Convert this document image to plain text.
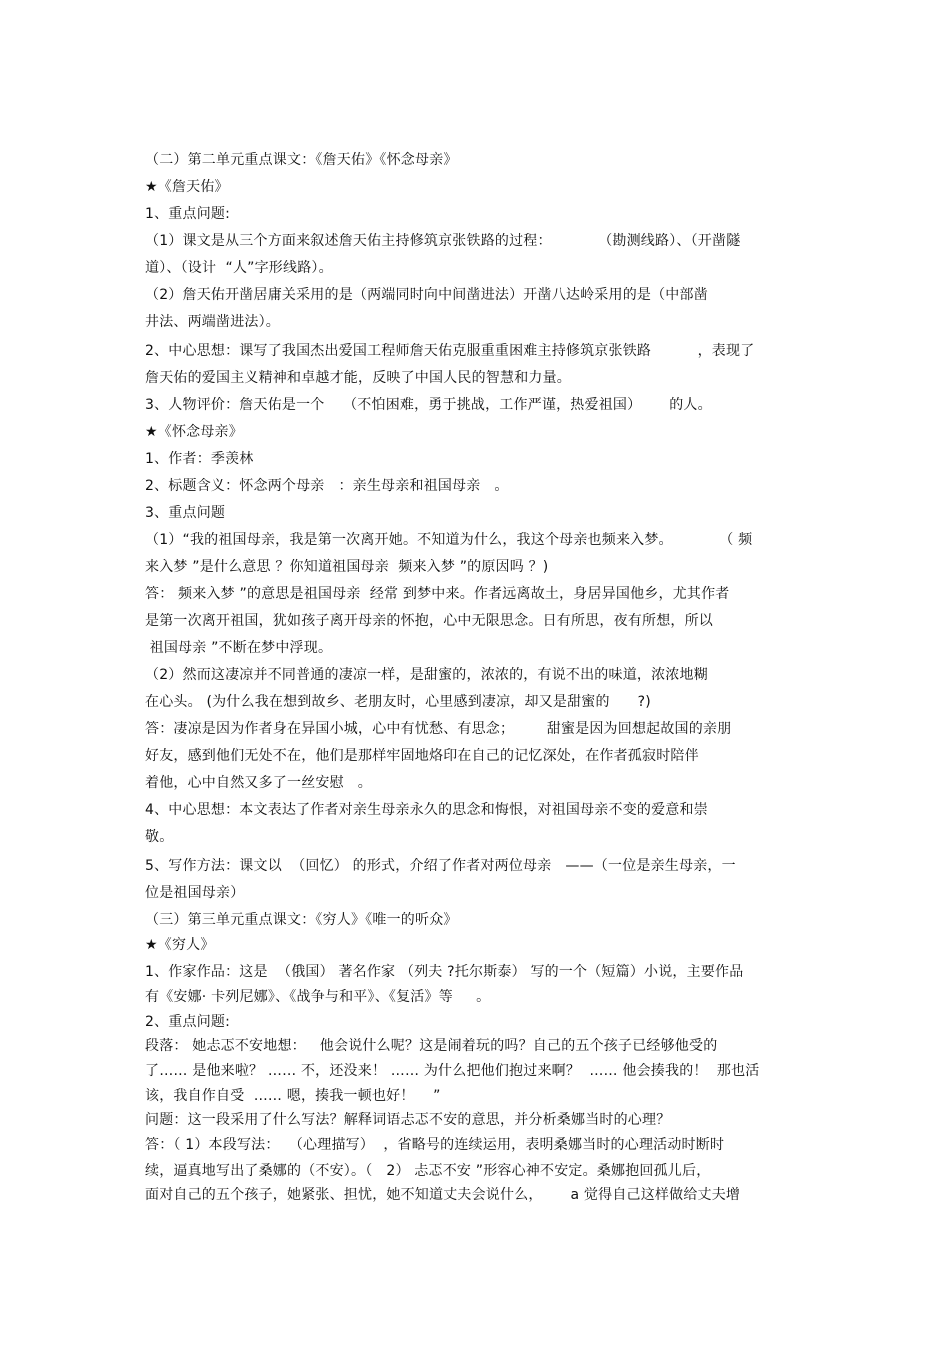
（二）第二单元重点课文：《詹天佑》《怀念母亲》
★《詹天佑》
1、重点问题:
（1）课文是从三个方面来叙述詹天佑主持修筑京张铁路的过程：          （勘测线路）、（开凿隧
道）、（设计  “人”字形线路）。
（2）詹天佑开凿居庸关采用的是（两端同时向中间凿进法）开凿八达岭采用的是（中部凿
井法、两端凿进法）。
2、中心思想：课写了我国杰出爱国工程师詹天佑克服重重困难主持修筑京张铁路          ，表现了
詹天佑的爱国主义精神和卓越才能，反映了中国人民的智慧和力量。
3、人物评价：詹天佑是一个    （不怕困难，勇于挑战，工作严谨，热爱祖国）      的人。
★《怀念母亲》
1、作者：季羡林
2、标题含义：怀念两个母亲   ：亲生母亲和祖国母亲   。
3、重点问题
（1）“我的祖国母亲，我是第一次离开她。不知道为什么，我这个母亲也频来入梦。          （ 频
来入梦 ”是什么意思 ？你知道祖国母亲  频来入梦 ”的原因吗 ？)
答： 频来入梦 ”的意思是祖国母亲  经常 到梦中来。作者远离故土，身居异国他乡，尤其作者
是第一次离开祖国，犹如孩子离开母亲的怀抱，心中无限思念。日有所思，夜有所想，所以
祖国母亲 ”不断在梦中浮现。
（2）然而这凄凉并不同普通的凄凉一样，是甜蜜的，浓浓的，有说不出的味道，浓浓地糊
在心头。 (为什么我在想到故乡、老朋友时，心里感到凄凉，却又是甜蜜的      ?)
答：凄凉是因为作者身在异国小城，心中有忧愁、有思念；       甜蜜是因为回想起故国的亲朋
好友，感到他们无处不在，他们是那样牢固地烙印在自己的记忆深处，在作者孤寂时陪伴
着他，心中自然又多了一丝安慰   。
4、中心思想：本文表达了作者对亲生母亲永久的思念和悔恨，对祖国母亲不变的爱意和崇
敬。
5、写作方法：课文以  （回忆） 的形式，介绍了作者对两位母亲   ——（一位是亲生母亲，一
位是祖国母亲）
（三）第三单元重点课文：《穷人》《唯一的听众》
★《穷人》
1、作家作品：这是  （俄国） 著名作家 （列夫 ?托尔斯泰） 写的一个（短篇）小说，主要作品
有《安娜· 卡列尼娜》、《战争与和平》、《复活》等     。
2、重点问题:
段落： 她忐忑不安地想：   他会说什么呢？这是闹着玩的吗？自己的五个孩子已经够他受的
了…… 是他来啦？ …… 不，还没来！ …… 为什么把他们抱过来啊？  …… 他会揍我的！  那也活
该，我自作自受  …… 嗯，揍我一顿也好！    ”
问题：这一段采用了什么写法？解释词语忐忑不安的意思，并分析桑娜当时的心理？
答：（ 1）本段写法：  （心理描写）  ，省略号的连续运用，表明桑娜当时的心理活动时断时
续，逼真地写出了桑娜的（不安）。（   2） 忐忑不安 ”形容心神不安定。桑娜抱回孤儿后，
面对自己的五个孩子，她紧张、担忧，她不知道丈夫会说什么，      a 觉得自己这样做给丈夫增
